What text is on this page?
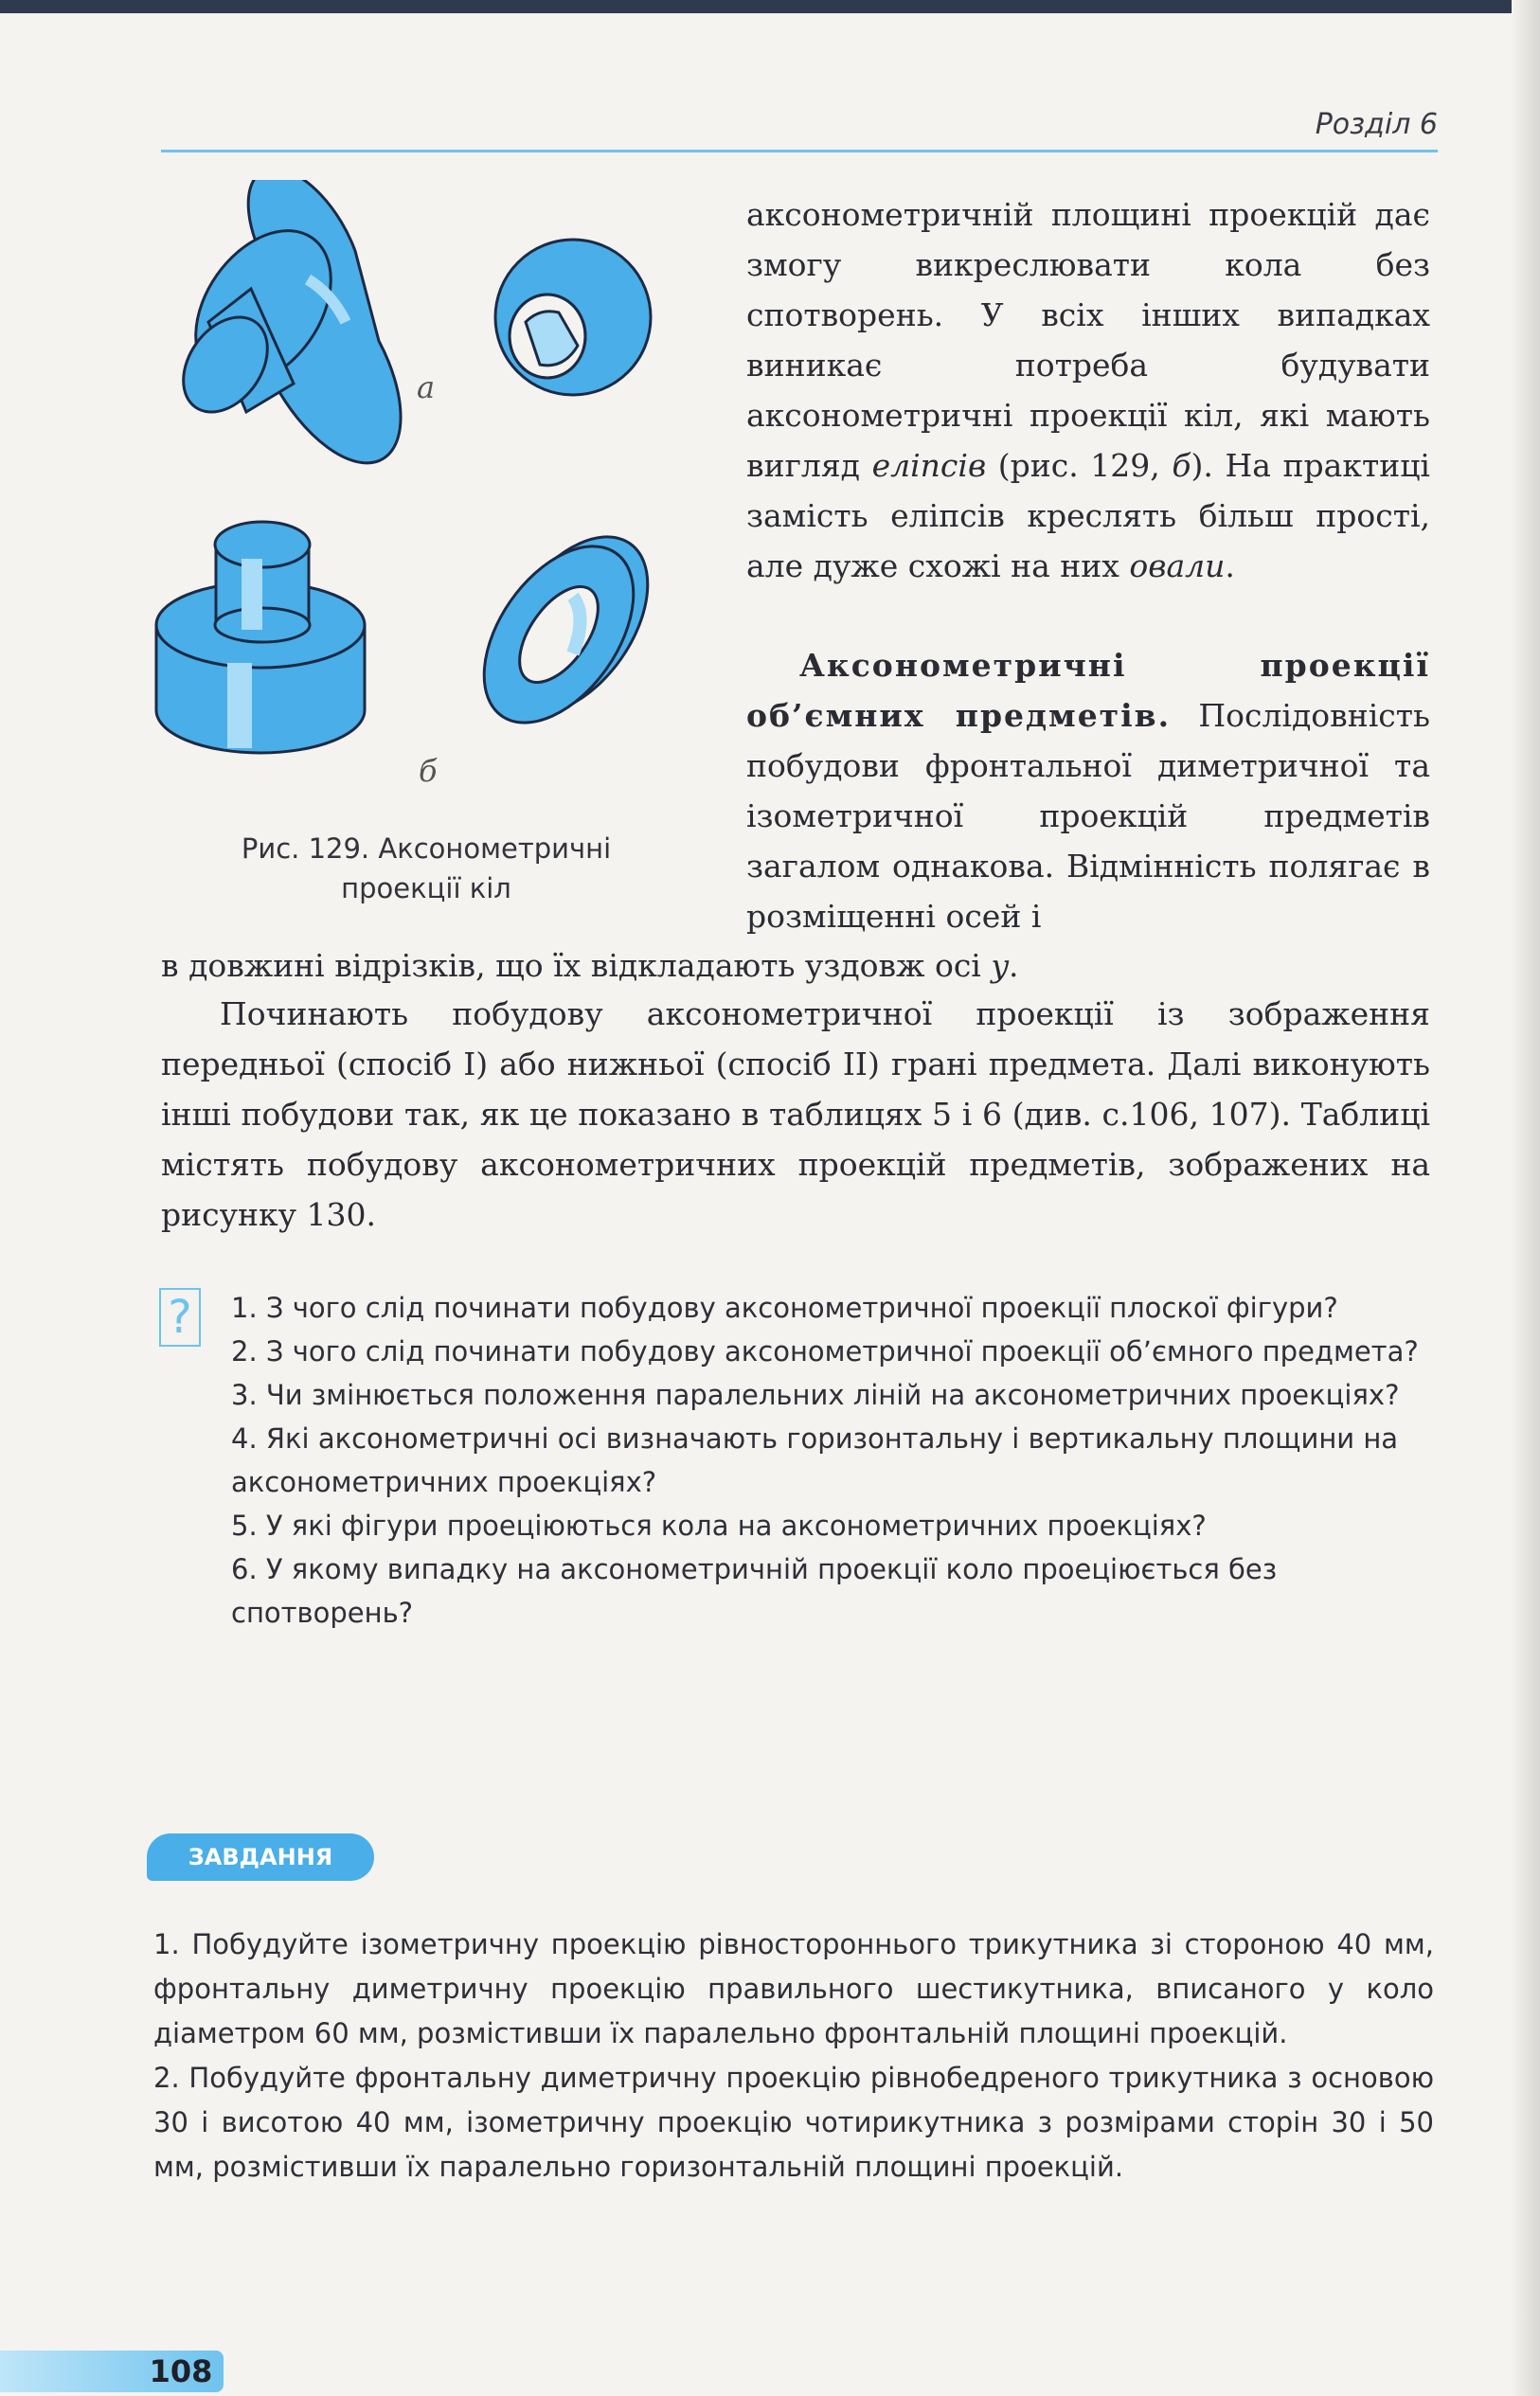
Розділ 6
а
б
Рис. 129. Аксонометричні
проекції кіл

аксонометричній площині проекцій дає змогу викреслювати кола без спотворень. У всіх інших випадках виникає потреба будувати аксонометричні проекції кіл, які мають вигляд еліпсів (рис. 129, б). На практиці замість еліпсів креслять більш прості, але дуже схожі на них овали.

Аксонометричні проекції об’ємних предметів. Послідовність побудови фронтальної диметричної та ізометричної проекцій предметів загалом однакова. Відмінність полягає в розміщенні осей і

в довжині відрізків, що їх відкладають уздовж осі y.

Починають побудову аксонометричної проекції із зображення передньої (спосіб I) або нижньої (спосіб II) грані предмета. Далі виконують інші побудови так, як це показано в таблицях 5 і 6 (див. с.106, 107). Таблиці містять побудову аксонометричних проекцій предметів, зображених на рисунку 130.

?	1. З чого слід починати побудову аксонометричної проекції плоскої фігури?
2. З чого слід починати побудову аксонометричної проекції об’ємного предмета?
3. Чи змінюється положення паралельних ліній на аксонометричних проекціях?
4. Які аксонометричні осі визначають горизонтальну і вертикальну площини на аксонометричних проекціях?
5. У які фігури проеціюються кола на аксонометричних проекціях?
6. У якому випадку на аксонометричній проекції коло проеціюється без спотворень?
ЗАВДАННЯ
1. Побудуйте ізометричну проекцію рівностороннього трикутника зі стороною 40 мм, фронтальну диметричну проекцію правильного шестикутника, вписаного у коло діаметром 60 мм, розмістивши їх паралельно фронтальній площині проекцій.
2. Побудуйте фронтальну диметричну проекцію рівнобедреного трикутника з основою 30 і висотою 40 мм, ізометричну проекцію чотирикутника з розмірами сторін 30 і 50 мм, розмістивши їх паралельно горизонтальній площині проекцій.
108
